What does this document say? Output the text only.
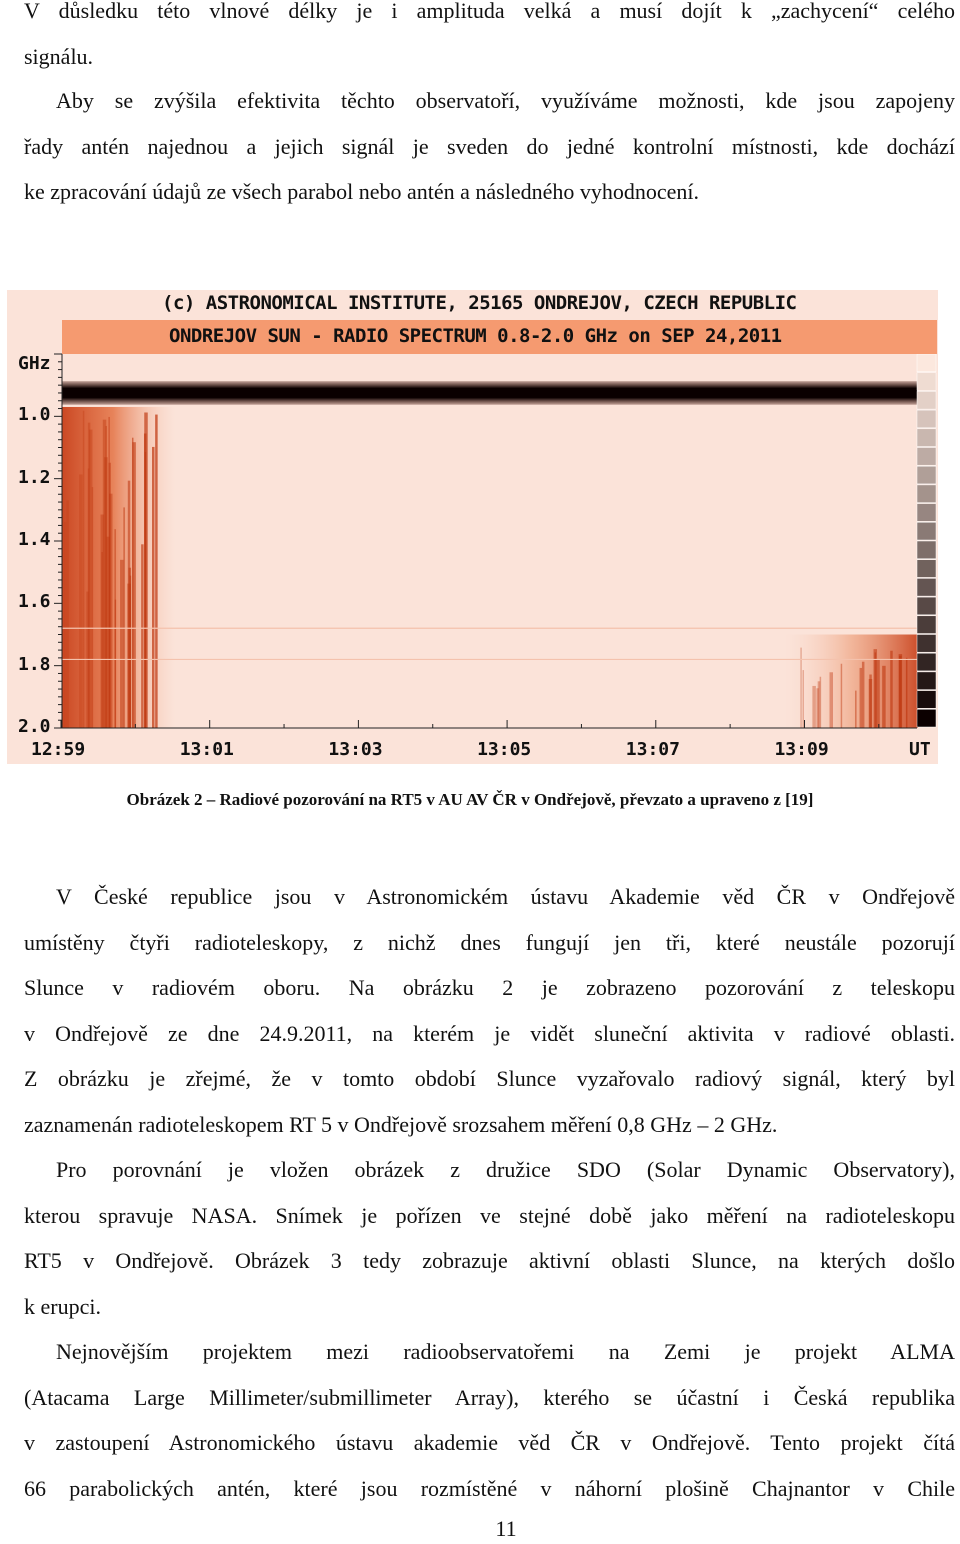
V důsledku této vlnové délky je i amplituda velká a musí dojít k „zachycení“ celého
signálu.

Aby se zvýšila efektivita těchto observatoří, využíváme možnosti, kde jsou zapojeny
řady antén najednou a jejich signál je sveden do jedné kontrolní místnosti, kde dochází
ke zpracování údajů ze všech parabol nebo antén a následného vyhodnocení.

(c) ASTRONOMICAL INSTITUTE, 25165 ONDREJOV, CZECH REPUBLIC
ONDREJOV SUN - RADIO SPECTRUM 0.8-2.0 GHz on SEP 24,2011
GHz
1.0
1.2
1.4
1.6
1.8
2.0
12:59	13:01	13:03	13:05	13:07	13:09	UT

Obrázek 2 – Radiové pozorování na RT5 v AU AV ČR v Ondřejově, převzato a upraveno z [19]

V České republice jsou v Astronomickém ústavu Akademie věd ČR v Ondřejově
umístěny čtyři radioteleskopy, z nichž dnes fungují jen tři, které neustále pozorují
Slunce v radiovém oboru. Na obrázku 2 je zobrazeno pozorování z teleskopu
v Ondřejově ze dne 24.9.2011, na kterém je vidět sluneční aktivita v radiové oblasti.
Z obrázku je zřejmé, že v tomto období Slunce vyzařovalo radiový signál, který byl
zaznamenán radioteleskopem RT 5 v Ondřejově srozsahem měření 0,8 GHz – 2 GHz.

Pro porovnání je vložen obrázek z družice SDO (Solar Dynamic Observatory),
kterou spravuje NASA. Snímek je pořízen ve stejné době jako měření na radioteleskopu
RT5 v Ondřejově. Obrázek 3 tedy zobrazuje aktivní oblasti Slunce, na kterých došlo
k erupci.

Nejnovějším projektem mezi radioobservatořemi na Zemi je projekt ALMA
(Atacama Large Millimeter/submillimeter Array), kterého se účastní i Česká republika
v zastoupení Astronomického ústavu akademie věd ČR v Ondřejově. Tento projekt čítá
66 parabolických antén, které jsou rozmístěné v náhorní plošině Chajnantor v Chile

11
